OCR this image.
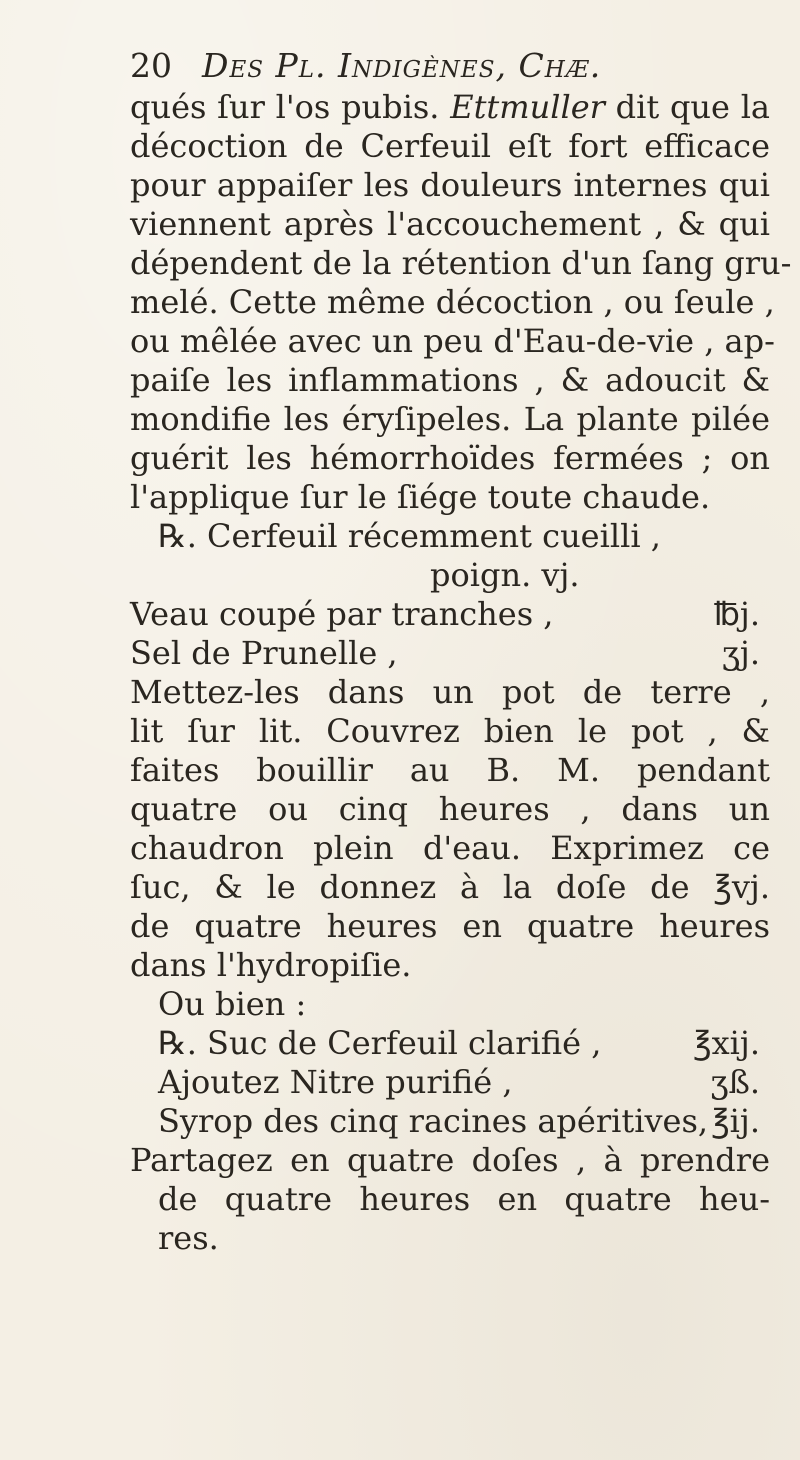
20 Des Pl. Indigènes, Chæ.
qués ſur l'os pubis. Ettmuller dit que la
décoction de Cerfeuil eſt fort efficace
pour appaiſer les douleurs internes qui
viennent après l'accouchement , & qui
dépendent de la rétention d'un ſang gru-
melé. Cette même décoction , ou ſeule ,
ou mêlée avec un peu d'Eau-de-vie , ap-
paiſe les inflammations , & adoucit &
mondifie les éryſipeles. La plante pilée
guérit les hémorrhoïdes fermées ; on
l'applique ſur le ſiége toute chaude.
℞. Cerfeuil récemment cueilli ,
poign. vj.
Veau coupé par tranches ,	℔j.
Sel de Prunelle ,	ʒj.
Mettez-les dans un pot de terre ,
lit ſur lit. Couvrez bien le pot , &
faites bouillir au B. M. pendant
quatre ou cinq heures , dans un
chaudron plein d'eau. Exprimez ce
ſuc, & le donnez à la doſe de ℥vj.
de quatre heures en quatre heures
dans l'hydropiſie.
Ou bien :
℞. Suc de Cerfeuil clarifié ,	℥xij.
Ajoutez Nitre purifié ,	ʒß.
Syrop des cinq racines apéritives, ℥ij.
Partagez en quatre doſes , à prendre
de quatre heures en quatre heu-
res.
